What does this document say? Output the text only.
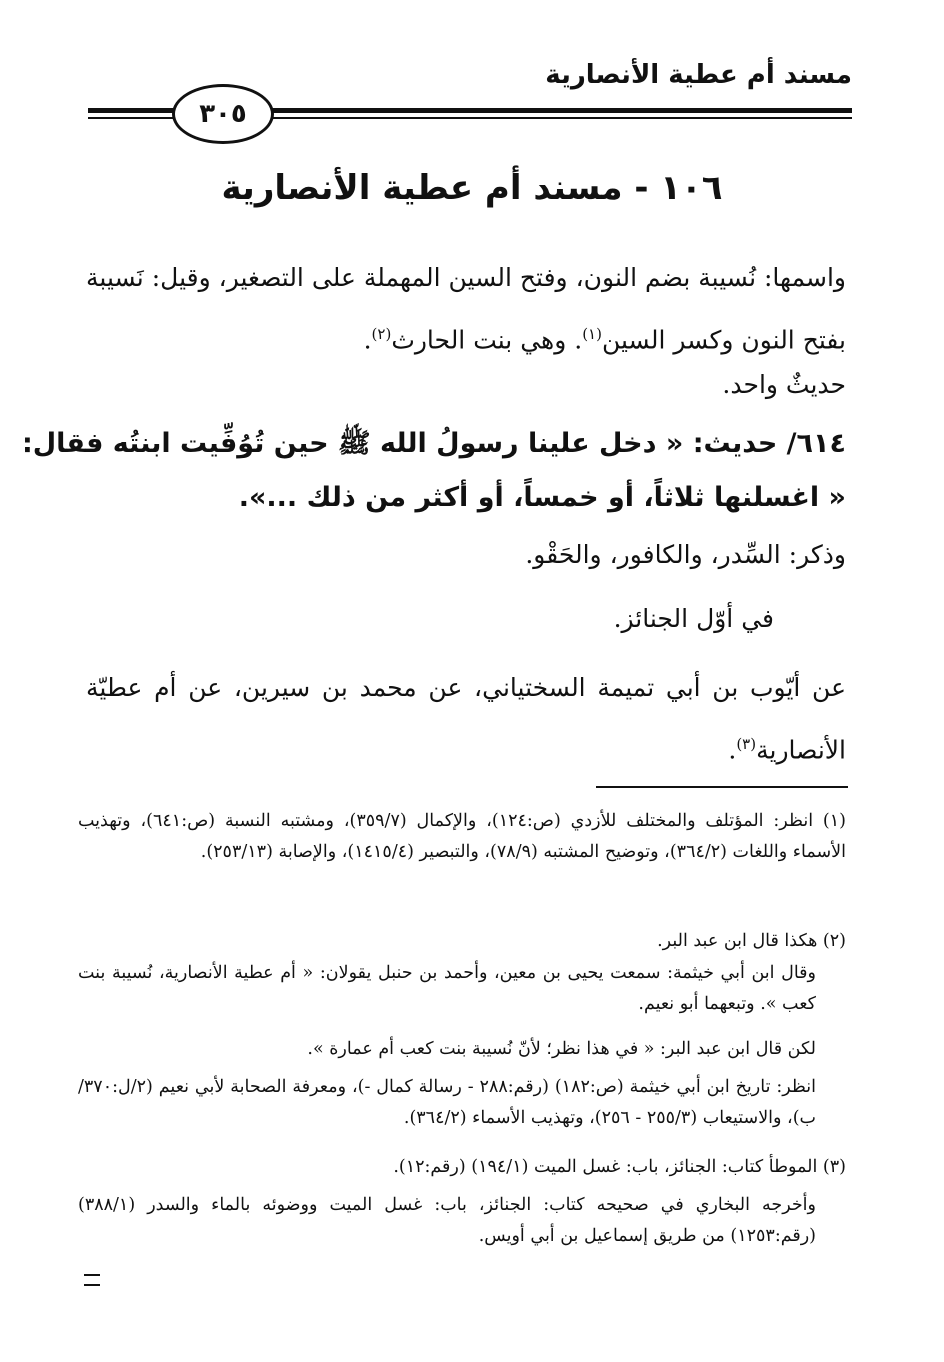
مسند أم عطية الأنصارية
٣٠٥
١٠٦ - مسند أم عطية الأنصارية
واسمها: نُسيبة بضم النون، وفتح السين المهملة على التصغير، وقيل: نَسيبة بفتح النون وكسر السين$^{(١)}$. وهي بنت الحارث$^{(٢)}$.
حديثٌ واحد.
٦١٤/ حديث: « دخل علينا رسولُ الله ﷺ حين تُوُفِّيت ابنتُه فقال:
« اغسلنها ثلاثاً، أو خمساً، أو أكثر من ذلك ...».
وذكر: السِّدر، والكافور، والحَقْو.
في أوّل الجنائز.
عن أيّوب بن أبي تميمة السختياني، عن محمد بن سيرين، عن أم عطيّة الأنصارية$^{(٣)}$.
(١) انظر: المؤتلف والمختلف للأزدي (ص:١٢٤)، والإكمال (٣٥٩/٧)، ومشتبه النسبة (ص:٦٤١)، وتهذيب الأسماء واللغات (٣٦٤/٢)، وتوضيح المشتبه (٧٨/٩)، والتبصير (١٤١٥/٤)، والإصابة (٢٥٣/١٣).
(٢) هكذا قال ابن عبد البر.
وقال ابن أبي خيثمة: سمعت يحيى بن معين، وأحمد بن حنبل يقولان: « أم عطية الأنصارية، نُسيبة بنت كعب ». وتبعهما أبو نعيم.
لكن قال ابن عبد البر: « في هذا نظر؛ لأنّ نُسيبة بنت كعب أم عمارة ».
انظر: تاريخ ابن أبي خيثمة (ص:١٨٢) (رقم:٢٨٨ - رسالة كمال -)، ومعرفة الصحابة لأبي نعيم (٢/ل:٣٧٠/ب)، والاستيعاب (٢٥٥/٣ - ٢٥٦)، وتهذيب الأسماء (٣٦٤/٢).
(٣) الموطأ كتاب: الجنائز، باب: غسل الميت (١٩٤/١) (رقم:١٢).
وأخرجه البخاري في صحيحه كتاب: الجنائز، باب: غسل الميت ووضوئه بالماء والسدر (٣٨٨/١) (رقم:١٢٥٣) من طريق إسماعيل بن أبي أويس.
